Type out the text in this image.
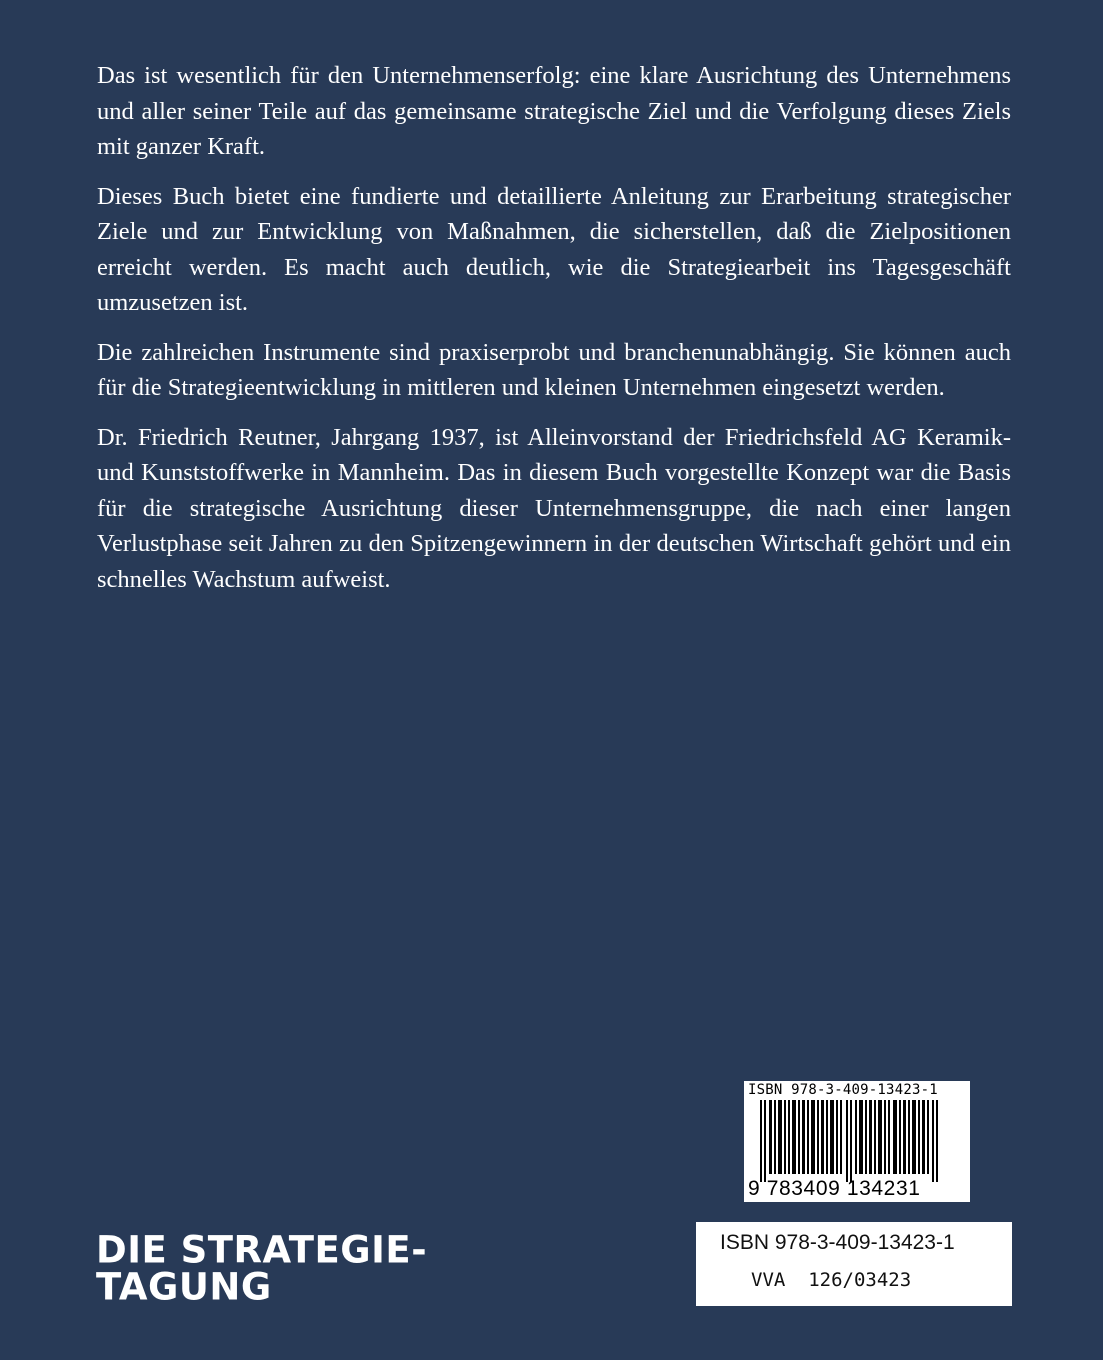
Das ist wesentlich für den Unternehmenserfolg: eine klare Ausrichtung des Unternehmens und aller seiner Teile auf das gemeinsame strategische Ziel und die Verfolgung dieses Ziels mit ganzer Kraft.

Dieses Buch bietet eine fundierte und detaillierte Anleitung zur Erarbeitung strategischer Ziele und zur Entwicklung von Maßnahmen, die sicherstellen, daß die Zielpositionen erreicht werden. Es macht auch deutlich, wie die Strategiearbeit ins Tagesgeschäft umzusetzen ist.

Die zahlreichen Instrumente sind praxiserprobt und branchenunabhängig. Sie können auch für die Strategieentwicklung in mittleren und kleinen Unternehmen eingesetzt werden.

Dr. Friedrich Reutner, Jahrgang 1937, ist Alleinvorstand der Friedrichsfeld AG Keramik- und Kunststoffwerke in Mannheim. Das in diesem Buch vorgestellte Konzept war die Basis für die strategische Ausrichtung dieser Unternehmensgruppe, die nach einer langen Verlustphase seit Jahren zu den Spitzengewinnern in der deutschen Wirtschaft gehört und ein schnelles Wachstum aufweist.

ISBN 978-3-409-13423-1
9 783409 134231
ISBN 978-3-409-13423-1
VVA  126/03423
DIE STRATEGIE-
TAGUNG
